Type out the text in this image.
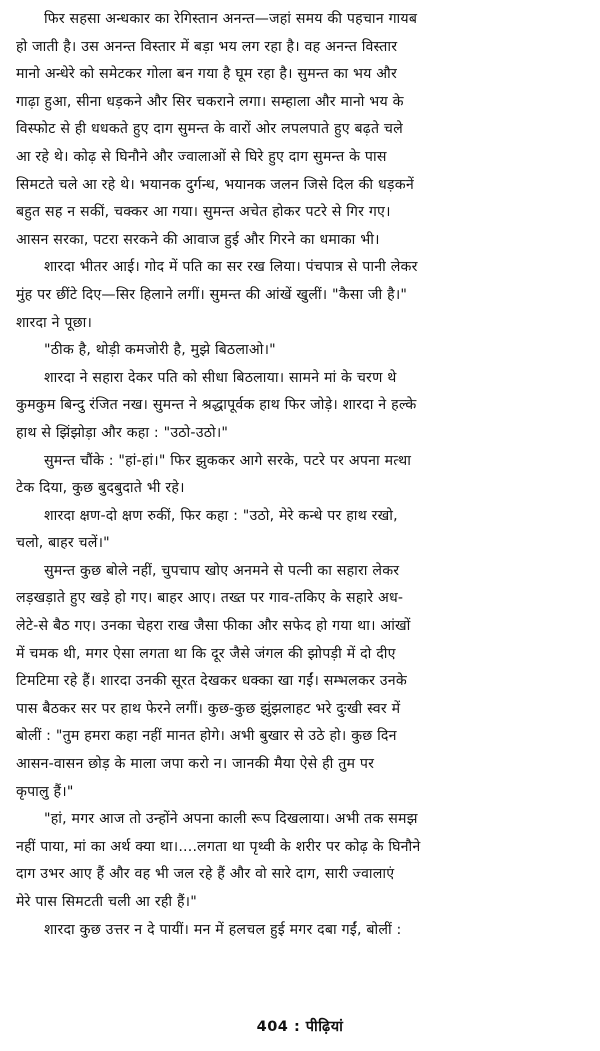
फिर सहसा अन्धकार का रेगिस्तान अनन्त—जहां समय की पहचान गायब
हो जाती है। उस अनन्त विस्तार में बड़ा भय लग रहा है। वह अनन्त विस्तार
मानो अन्धेरे को समेटकर गोला बन गया है घूम रहा है। सुमन्त का भय और
गाढ़ा हुआ, सीना धड़कने और सिर चकराने लगा। सम्हाला और मानो भय के
विस्फोट से ही धधकते हुए दाग सुमन्त के वारों ओर लपलपाते हुए बढ़ते चले
आ रहे थे। कोढ़ से घिनौने और ज्वालाओं से घिरे हुए दाग सुमन्त के पास
सिमटते चले आ रहे थे। भयानक दुर्गन्ध, भयानक जलन जिसे दिल की धड़कनें
बहुत सह न सकीं, चक्कर आ गया। सुमन्त अचेत होकर पटरे से गिर गए।
आसन सरका, पटरा सरकने की आवाज हुई और गिरने का धमाका भी।
शारदा भीतर आई। गोद में पति का सर रख लिया। पंचपात्र से पानी लेकर
मुंह पर छींटे दिए—सिर हिलाने लगीं। सुमन्त की आंखें खुलीं। "कैसा जी है।"
शारदा ने पूछा।
"ठीक है, थोड़ी कमजोरी है, मुझे बिठलाओ।"
शारदा ने सहारा देकर पति को सीधा बिठलाया। सामने मां के चरण थे
कुमकुम बिन्दु रंजित नख। सुमन्त ने श्रद्धापूर्वक हाथ फिर जोड़े। शारदा ने हल्के
हाथ से झिंझोड़ा और कहा : "उठो-उठो।"
सुमन्त चौंके : "हां-हां।" फिर झुककर आगे सरके, पटरे पर अपना मत्था
टेक दिया, कुछ बुदबुदाते भी रहे।
शारदा क्षण-दो क्षण रुकीं, फिर कहा : "उठो, मेरे कन्धे पर हाथ रखो,
चलो, बाहर चलें।"
सुमन्त कुछ बोले नहीं, चुपचाप खोए अनमने से पत्नी का सहारा लेकर
लड़खड़ाते हुए खड़े हो गए। बाहर आए। तख्त पर गाव-तकिए के सहारे अध-
लेटे-से बैठ गए। उनका चेहरा राख जैसा फीका और सफेद हो गया था। आंखों
में चमक थी, मगर ऐसा लगता था कि दूर जैसे जंगल की झोपड़ी में दो दीए
टिमटिमा रहे हैं। शारदा उनकी सूरत देखकर धक्का खा गईं। सम्भलकर उनके
पास बैठकर सर पर हाथ फेरने लगीं। कुछ-कुछ झुंझलाहट भरे दुःखी स्वर में
बोलीं : "तुम हमरा कहा नहीं मानत होगे। अभी बुखार से उठे हो। कुछ दिन
आसन-वासन छोड़ के माला जपा करो न। जानकी मैया ऐसे ही तुम पर
कृपालु हैं।"
"हां, मगर आज तो उन्होंने अपना काली रूप दिखलाया। अभी तक समझ
नहीं पाया, मां का अर्थ क्या था।....लगता था पृथ्वी के शरीर पर कोढ़ के घिनौने
दाग उभर आए हैं और वह भी जल रहे हैं और वो सारे दाग, सारी ज्वालाएं
मेरे पास सिमटती चली आ रही हैं।"
शारदा कुछ उत्तर न दे पायीं। मन में हलचल हुई मगर दबा गईं, बोलीं :
404 : पीढ़ियां
